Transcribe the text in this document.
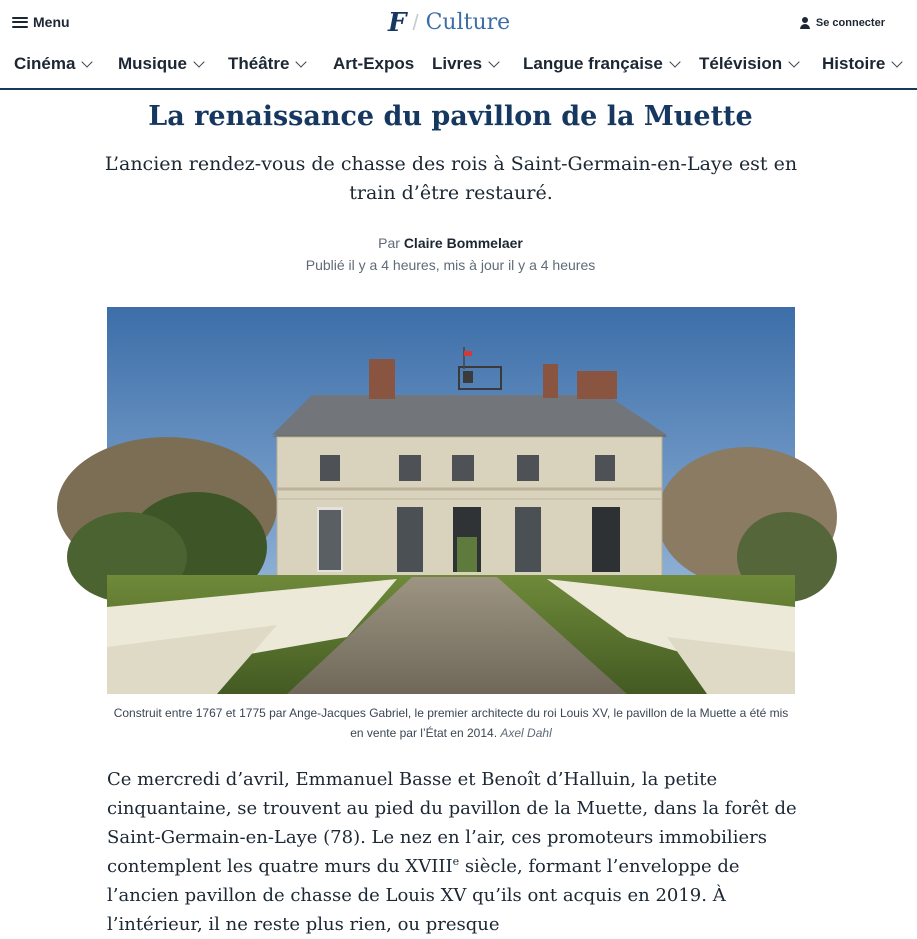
Menu	F / Culture	Se connecter
Cinéma	Musique Théâtre	Art-Expos Livres Langue française Télévision Histoire
La renaissance du pavillon de la Muette

L’ancien rendez-vous de chasse des rois à Saint-Germain-en-Laye est en train d’être restauré.

Par Claire Bommelaer
Publié il y a 4 heures, mis à jour il y a 4 heures
Construit entre 1767 et 1775 par Ange-Jacques Gabriel, le premier architecte du roi Louis XV, le pavillon de la Muette a été mis en vente par l’État en 2014. Axel Dahl

Ce mercredi d’avril, Emmanuel Basse et Benoît d’Halluin, la petite cinquantaine, se trouvent au pied du pavillon de la Muette, dans la forêt de Saint-Germain-en-Laye (78). Le nez en l’air, ces promoteurs immobiliers contemplent les quatre murs du XVIIIe siècle, formant l’enveloppe de l’ancien pavillon de chasse de Louis XV qu’ils ont acquis en 2019. À l’intérieur, il ne reste plus rien, ou presque
